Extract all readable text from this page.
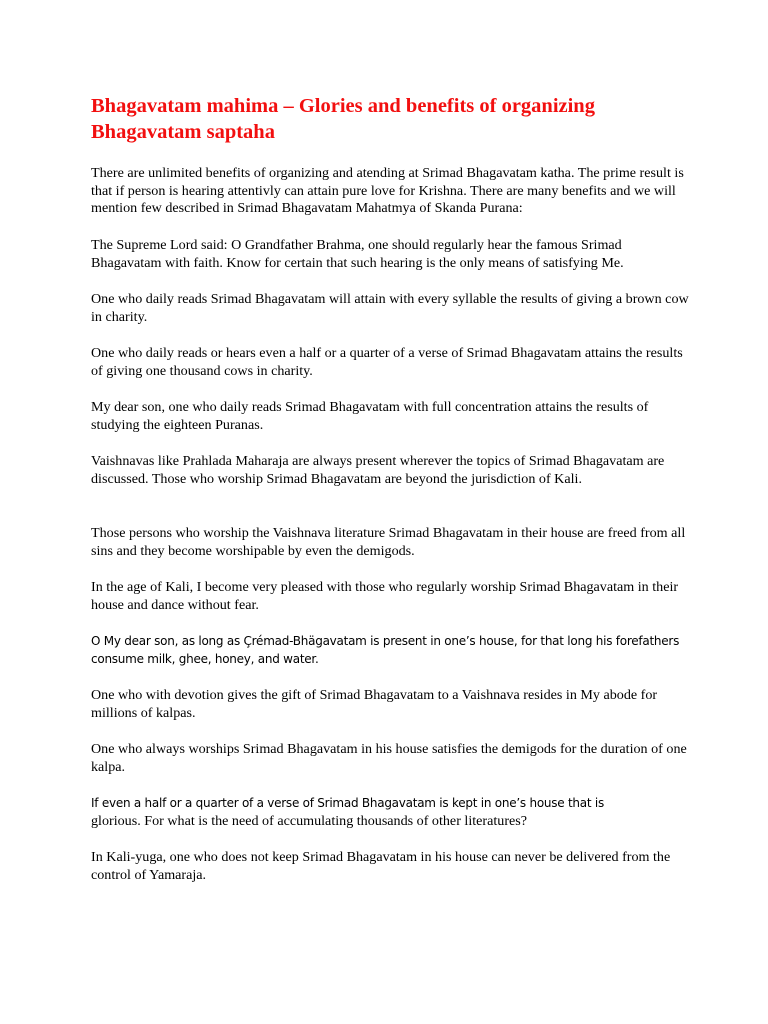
Bhagavatam mahima – Glories and benefits of organizing Bhagavatam saptaha

There are unlimited benefits of organizing and atending at Srimad Bhagavatam katha. The prime result is that if person is hearing attentivly can attain pure love for Krishna. There are many benefits and we will mention few described in Srimad Bhagavatam Mahatmya of Skanda Purana:

The Supreme Lord said: O Grandfather Brahma, one should regularly hear the famous Srimad Bhagavatam with faith. Know for certain that such hearing is the only means of satisfying Me.

One who daily reads Srimad Bhagavatam will attain with every syllable the results of giving a brown cow in charity.

One who daily reads or hears even a half or a quarter of a verse of Srimad Bhagavatam attains the results of giving one thousand cows in charity.

My dear son, one who daily reads Srimad Bhagavatam with full concentration attains the results of studying the eighteen Puranas.

Vaishnavas like Prahlada Maharaja are always present wherever the topics of Srimad Bhagavatam are discussed. Those who worship Srimad Bhagavatam are beyond the jurisdiction of Kali.

Those persons who worship the Vaishnava literature Srimad Bhagavatam in their house are freed from all sins and they become worshipable by even the demigods.

In the age of Kali, I become very pleased with those who regularly worship Srimad Bhagavatam in their house and dance without fear.

O My dear son, as long as Çrémad-Bhägavatam is present in one’s house, for that long his forefathers consume milk, ghee, honey, and water.

One who with devotion gives the gift of Srimad Bhagavatam to a Vaishnava resides in My abode for millions of kalpas.

One who always worships Srimad Bhagavatam in his house satisfies the demigods for the duration of one kalpa.

If even a half or a quarter of a verse of Srimad Bhagavatam is kept in one’s house that is
glorious. For what is the need of accumulating thousands of other literatures?

In Kali-yuga, one who does not keep Srimad Bhagavatam in his house can never be delivered from the control of Yamaraja.
